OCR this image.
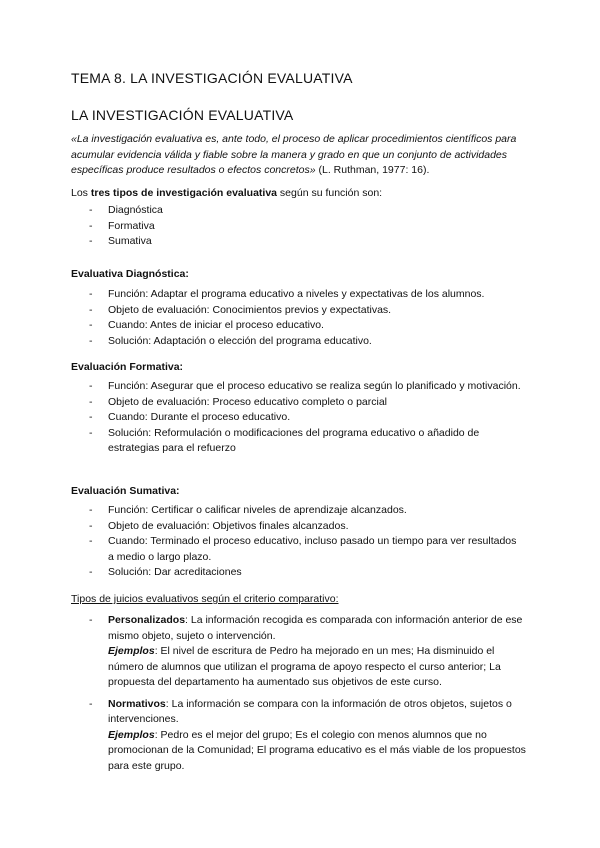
TEMA 8. LA INVESTIGACIÓN EVALUATIVA
LA INVESTIGACIÓN EVALUATIVA

«La investigación evaluativa es, ante todo, el proceso de aplicar procedimientos científicos para acumular evidencia válida y fiable sobre la manera y grado en que un conjunto de actividades específicas produce resultados o efectos concretos» (L. Ruthman, 1977: 16).

Los tres tipos de investigación evaluativa según su función son:

- Diagnóstica
- Formativa
- Sumativa

Evaluativa Diagnóstica:

- Función: Adaptar el programa educativo a niveles y expectativas de los alumnos.
- Objeto de evaluación: Conocimientos previos y expectativas.
- Cuando: Antes de iniciar el proceso educativo.
- Solución: Adaptación o elección del programa educativo.

Evaluación Formativa:

- Función: Asegurar que el proceso educativo se realiza según lo planificado y motivación.
- Objeto de evaluación: Proceso educativo completo o parcial
- Cuando: Durante el proceso educativo.
- Solución: Reformulación o modificaciones del programa educativo o añadido de estrategias para el refuerzo

Evaluación Sumativa:

- Función: Certificar o calificar niveles de aprendizaje alcanzados.
- Objeto de evaluación: Objetivos finales alcanzados.
- Cuando: Terminado el proceso educativo, incluso pasado un tiempo para ver resultados a medio o largo plazo.
- Solución: Dar acreditaciones

Tipos de juicios evaluativos según el criterio comparativo:

- Personalizados: La información recogida es comparada con información anterior de ese mismo objeto, sujeto o intervención.
Ejemplos: El nivel de escritura de Pedro ha mejorado en un mes; Ha disminuido el número de alumnos que utilizan el programa de apoyo respecto el curso anterior; La propuesta del departamento ha aumentado sus objetivos de este curso.
- Normativos: La información se compara con la información de otros objetos, sujetos o intervenciones.
Ejemplos: Pedro es el mejor del grupo; Es el colegio con menos alumnos que no promocionan de la Comunidad; El programa educativo es el más viable de los propuestos para este grupo.
